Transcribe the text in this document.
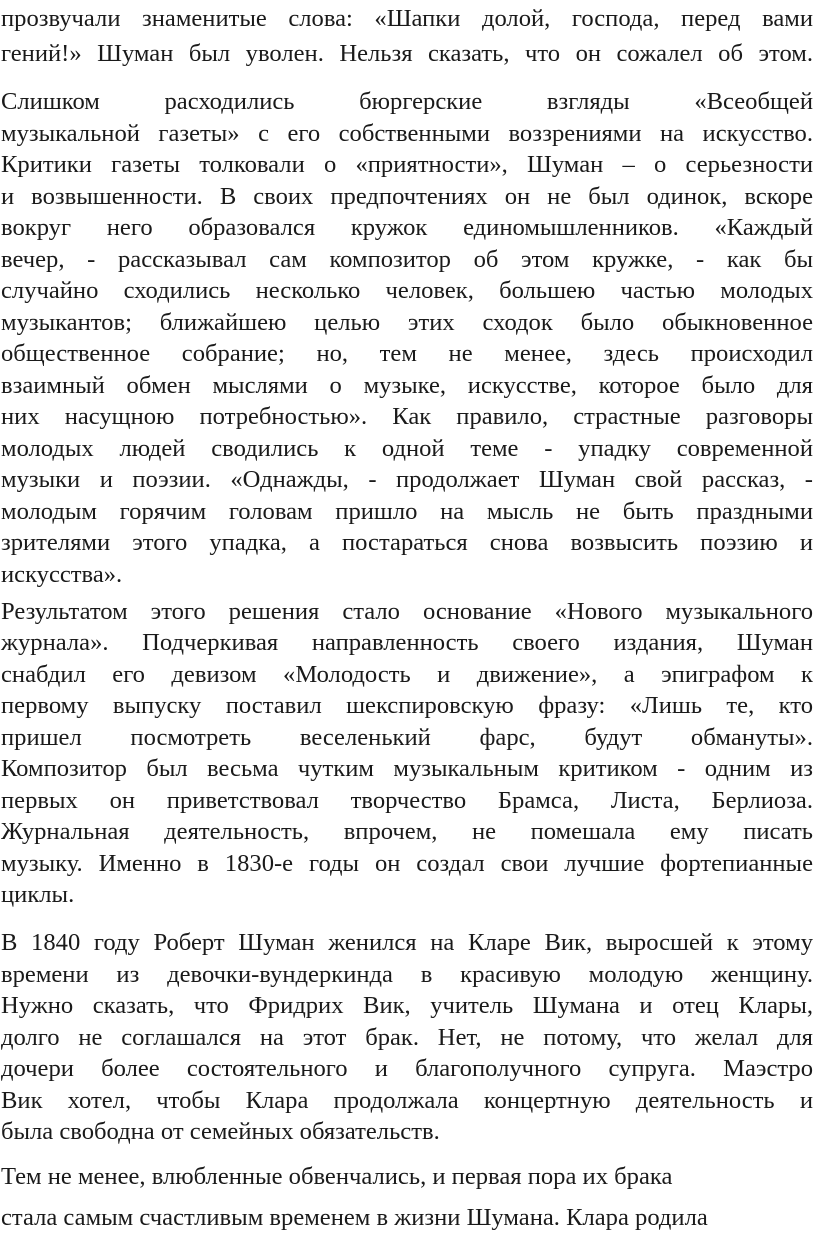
прозвучали знаменитые слова: «Шапки долой, господа, перед вами
гений!» Шуман был уволен. Нельзя сказать, что он сожалел об этом.
Слишком расходились бюргерские взгляды «Всеобщей
музыкальной газеты» с его собственными воззрениями на искусство.
Критики газеты толковали о «приятности», Шуман – о серьезности
и возвышенности. В своих предпочтениях он не был одинок, вскоре
вокруг него образовался кружок единомышленников. «Каждый
вечер, - рассказывал сам композитор об этом кружке, - как бы
случайно сходились несколько человек, большею частью молодых
музыкантов; ближайшею целью этих сходок было обыкновенное
общественное собрание; но, тем не менее, здесь происходил
взаимный обмен мыслями о музыке, искусстве, которое было для
них насущною потребностью». Как правило, страстные разговоры
молодых людей сводились к одной теме - упадку современной
музыки и поэзии. «Однажды, - продолжает Шуман свой рассказ, -
молодым горячим головам пришло на мысль не быть праздными
зрителями этого упадка, а постараться снова возвысить поэзию и
искусства».
Результатом этого решения стало основание «Нового музыкального
журнала». Подчеркивая направленность своего издания, Шуман
снабдил его девизом «Молодость и движение», а эпиграфом к
первому выпуску поставил шекспировскую фразу: «Лишь те, кто
пришел посмотреть веселенький фарс, будут обмануты».
Композитор был весьма чутким музыкальным критиком - одним из
первых он приветствовал творчество Брамса, Листа, Берлиоза.
Журнальная деятельность, впрочем, не помешала ему писать
музыку. Именно в 1830-е годы он создал свои лучшие фортепианные
циклы.
В 1840 году Роберт Шуман женился на Кларе Вик, выросшей к этому
времени из девочки-вундеркинда в красивую молодую женщину.
Нужно сказать, что Фридрих Вик, учитель Шумана и отец Клары,
долго не соглашался на этот брак. Нет, не потому, что желал для
дочери более состоятельного и благополучного супруга. Маэстро
Вик хотел, чтобы Клара продолжала концертную деятельность и
была свободна от семейных обязательств.
Тем не менее, влюбленные обвенчались, и первая пора их брака
стала самым счастливым временем в жизни Шумана. Клара родила
